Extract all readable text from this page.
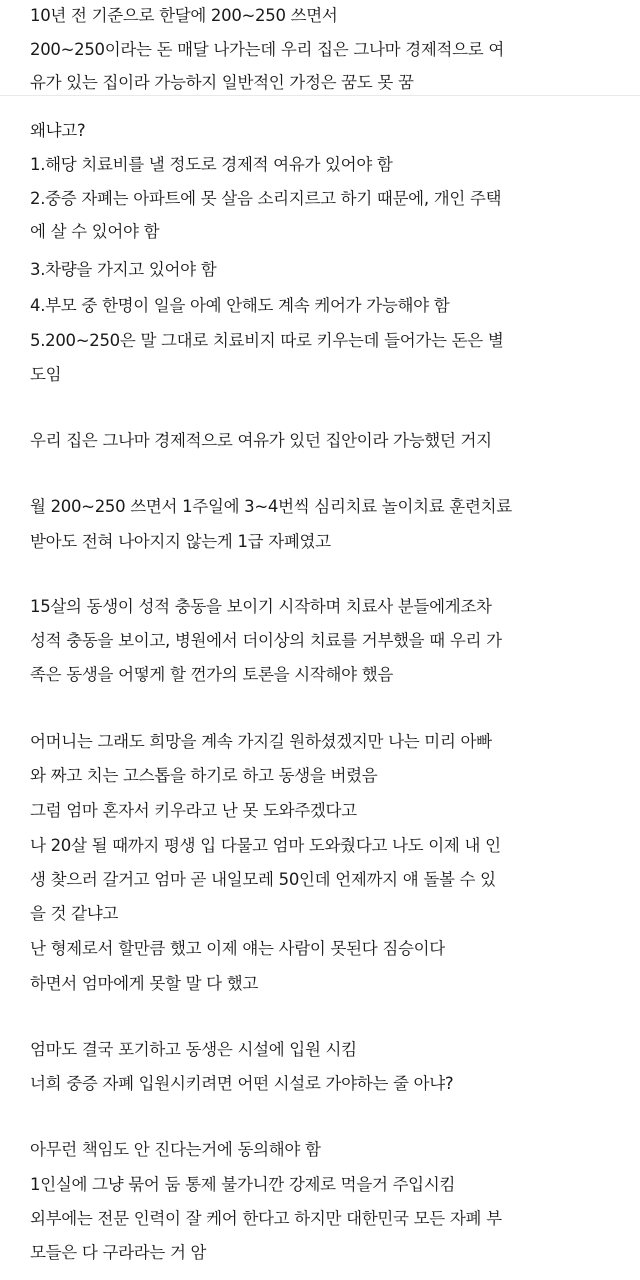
10년 전 기준으로 한달에 200~250 쓰면서
200~250이라는 돈 매달 나가는데 우리 집은 그나마 경제적으로 여
유가 있는 집이라 가능하지 일반적인 가정은 꿈도 못 꿈
왜냐고?
1.해당 치료비를 낼 정도로 경제적 여유가 있어야 함
2.중증 자폐는 아파트에 못 살음 소리지르고 하기 때문에, 개인 주택
에 살 수 있어야 함
3.차량을 가지고 있어야 함
4.부모 중 한명이 일을 아예 안해도 계속 케어가 가능해야 함
5.200~250은 말 그대로 치료비지 따로 키우는데 들어가는 돈은 별
도임
우리 집은 그나마 경제적으로 여유가 있던 집안이라 가능했던 거지
월 200~250 쓰면서 1주일에 3~4번씩 심리치료 놀이치료 훈련치료
받아도 전혀 나아지지 않는게 1급 자폐였고
15살의 동생이 성적 충동을 보이기 시작하며 치료사 분들에게조차
성적 충동을 보이고, 병원에서 더이상의 치료를 거부했을 때 우리 가
족은 동생을 어떻게 할 껀가의 토론을 시작해야 했음
어머니는 그래도 희망을 계속 가지길 원하셨겠지만 나는 미리 아빠
와 짜고 치는 고스톱을 하기로 하고 동생을 버렸음
그럼 엄마 혼자서 키우라고 난 못 도와주겠다고
나 20살 될 때까지 평생 입 다물고 엄마 도와줬다고 나도 이제 내 인
생 찾으러 갈거고 엄마 곧 내일모레 50인데 언제까지 얘 돌볼 수 있
을 것 같냐고
난 형제로서 할만큼 했고 이제 얘는 사람이 못된다 짐승이다
하면서 엄마에게 못할 말 다 했고
엄마도 결국 포기하고 동생은 시설에 입원 시킴
너희 중증 자폐 입원시키려면 어떤 시설로 가야하는 줄 아냐?
아무런 책임도 안 진다는거에 동의해야 함
1인실에 그냥 묶어 둠 통제 불가니깐 강제로 먹을거 주입시킴
외부에는 전문 인력이 잘 케어 한다고 하지만 대한민국 모든 자폐 부
모들은 다 구라라는 거 암
